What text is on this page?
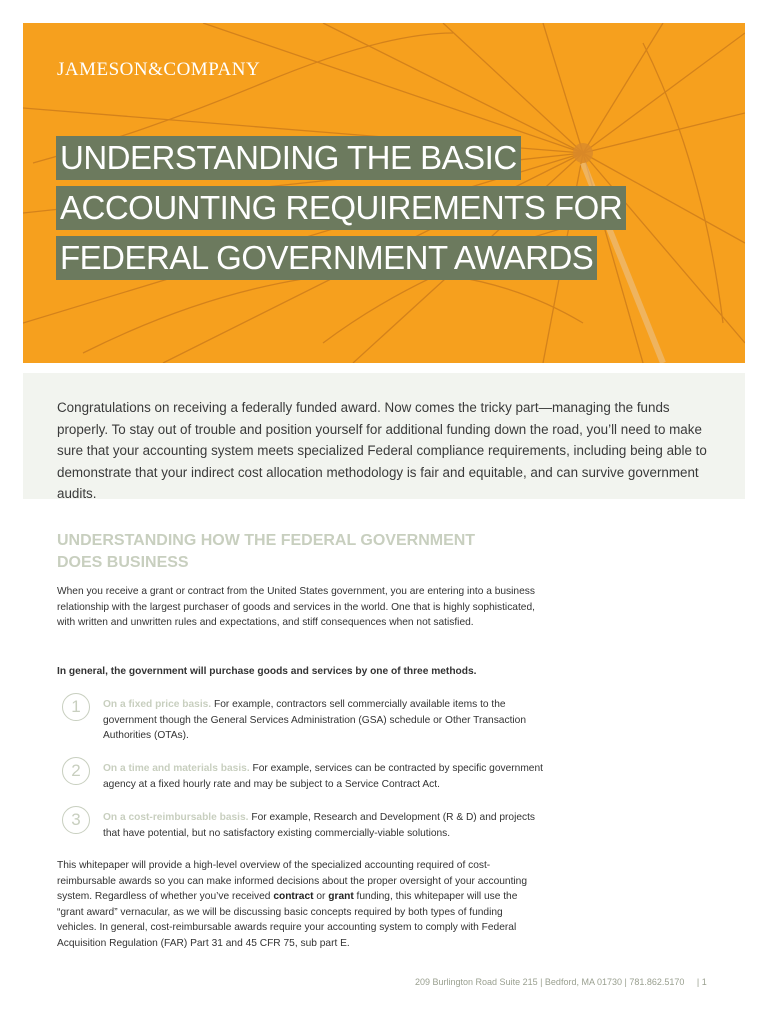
JAMESON&COMPANY
UNDERSTANDING THE BASIC
ACCOUNTING REQUIREMENTS FOR
FEDERAL GOVERNMENT AWARDS

Congratulations on receiving a federally funded award. Now comes the tricky part—managing the funds properly. To stay out of trouble and position yourself for additional funding down the road, you’ll need to make sure that your accounting system meets specialized Federal compliance requirements, including being able to demonstrate that your indirect cost allocation methodology is fair and equitable, and can survive government audits.

UNDERSTANDING HOW THE FEDERAL GOVERNMENT DOES BUSINESS

When you receive a grant or contract from the United States government, you are entering into a business relationship with the largest purchaser of goods and services in the world. One that is highly sophisticated, with written and unwritten rules and expectations, and stiff consequences when not satisfied.

In general, the government will purchase goods and services by one of three methods.

1	On a fixed price basis. For example, contractors sell commercially available items to the government though the General Services Administration (GSA) schedule or Other Transaction Authorities (OTAs).
2	On a time and materials basis. For example, services can be contracted by specific government agency at a fixed hourly rate and may be subject to a Service Contract Act.
3	On a cost-reimbursable basis. For example, Research and Development (R & D) and projects that have potential, but no satisfactory existing commercially-viable solutions.

This whitepaper will provide a high-level overview of the specialized accounting required of cost-reimbursable awards so you can make informed decisions about the proper oversight of your accounting system. Regardless of whether you’ve received contract or grant funding, this whitepaper will use the “grant award” vernacular, as we will be discussing basic concepts required by both types of funding vehicles. In general, cost-reimbursable awards require your accounting system to comply with Federal Acquisition Regulation (FAR) Part 31 and 45 CFR 75, sub part E.

209 Burlington Road Suite 215 | Bedford, MA 01730 | 781.862.5170 | 1
